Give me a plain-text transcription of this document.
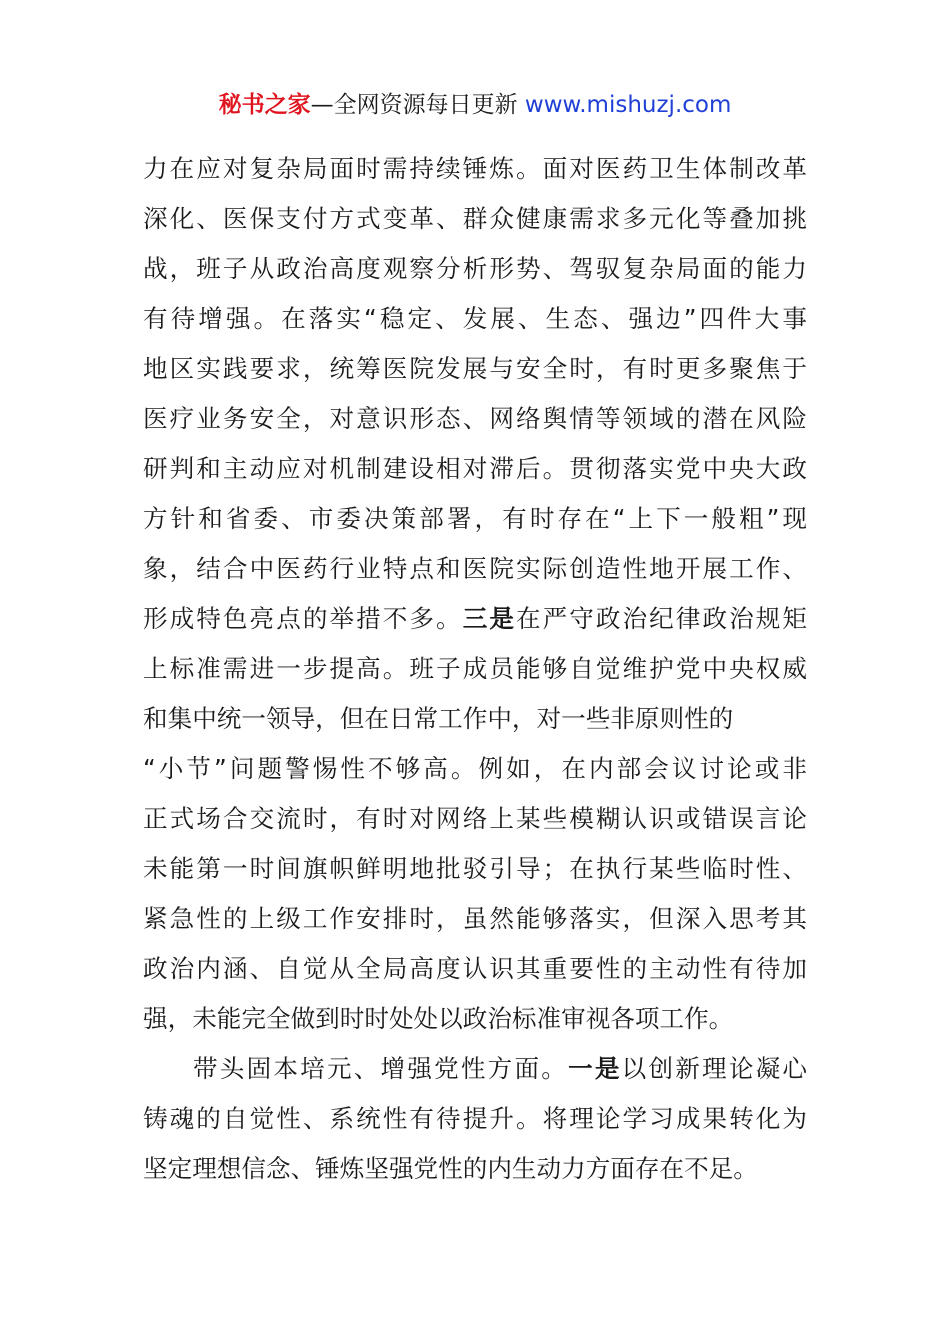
秘书之家—全网资源每日更新 www.mishuzj.com
力在应对复杂局面时需持续锤炼。面对医药卫生体制改革
深化、医保支付方式变革、群众健康需求多元化等叠加挑
战，班子从政治高度观察分析形势、驾驭复杂局面的能力
有待增强。在落实“稳定、发展、生态、强边”四件大事
地区实践要求，统筹医院发展与安全时，有时更多聚焦于
医疗业务安全，对意识形态、网络舆情等领域的潜在风险
研判和主动应对机制建设相对滞后。贯彻落实党中央大政
方针和省委、市委决策部署，有时存在“上下一般粗”现
象，结合中医药行业特点和医院实际创造性地开展工作、
形成特色亮点的举措不多。三是在严守政治纪律政治规矩
上标准需进一步提高。班子成员能够自觉维护党中央权威
和集中统一领导，但在日常工作中，对一些非原则性的
“小节”问题警惕性不够高。例如，在内部会议讨论或非
正式场合交流时，有时对网络上某些模糊认识或错误言论
未能第一时间旗帜鲜明地批驳引导；在执行某些临时性、
紧急性的上级工作安排时，虽然能够落实，但深入思考其
政治内涵、自觉从全局高度认识其重要性的主动性有待加
强，未能完全做到时时处处以政治标准审视各项工作。
带头固本培元、增强党性方面。一是以创新理论凝心
铸魂的自觉性、系统性有待提升。将理论学习成果转化为
坚定理想信念、锤炼坚强党性的内生动力方面存在不足。
